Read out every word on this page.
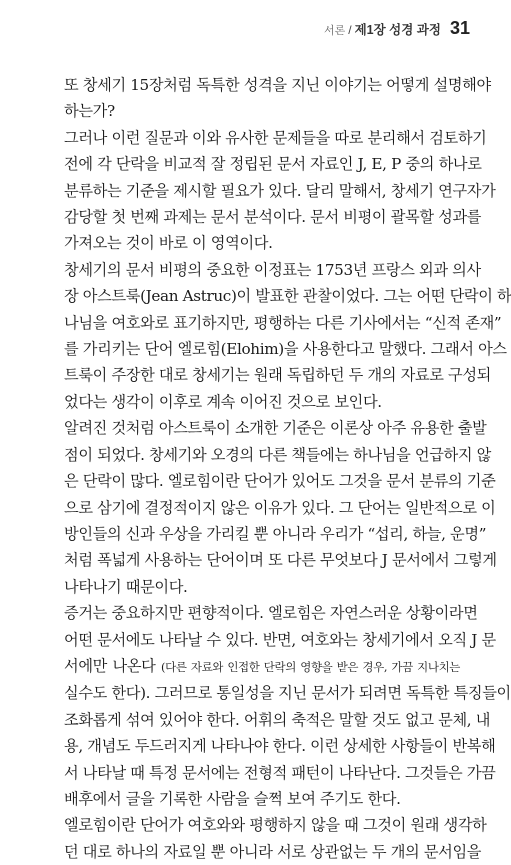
서론 / 제1장 성경 과정 31

또 창세기 15장처럼 독특한 성격을 지닌 이야기는 어떻게 설명해야
하는가?

그러나 이런 질문과 이와 유사한 문제들을 따로 분리해서 검토하기
전에 각 단락을 비교적 잘 정립된 문서 자료인 J, E, P 중의 하나로
분류하는 기준을 제시할 필요가 있다. 달리 말해서, 창세기 연구자가
감당할 첫 번째 과제는 문서 분석이다. 문서 비평이 괄목할 성과를
가져오는 것이 바로 이 영역이다.

창세기의 문서 비평의 중요한 이정표는 1753년 프랑스 외과 의사
장 아스트룩(Jean Astruc)이 발표한 관찰이었다. 그는 어떤 단락이 하
나님을 여호와로 표기하지만, 평행하는 다른 기사에서는 “신적 존재”
를 가리키는 단어 엘로힘(Elohim)을 사용한다고 말했다. 그래서 아스
트룩이 주장한 대로 창세기는 원래 독립하던 두 개의 자료로 구성되
었다는 생각이 이후로 계속 이어진 것으로 보인다.

알려진 것처럼 아스트룩이 소개한 기준은 이론상 아주 유용한 출발
점이 되었다. 창세기와 오경의 다른 책들에는 하나님을 언급하지 않
은 단락이 많다. 엘로힘이란 단어가 있어도 그것을 문서 분류의 기준
으로 삼기에 결정적이지 않은 이유가 있다. 그 단어는 일반적으로 이
방인들의 신과 우상을 가리킬 뿐 아니라 우리가 “섭리, 하늘, 운명”
처럼 폭넓게 사용하는 단어이며 또 다른 무엇보다 J 문서에서 그렇게
나타나기 때문이다.

증거는 중요하지만 편향적이다. 엘로힘은 자연스러운 상황이라면
어떤 문서에도 나타날 수 있다. 반면, 여호와는 창세기에서 오직 J 문
서에만 나온다 (다른 자료와 인접한 단락의 영향을 받은 경우, 가끔 지나치는
실수도 한다). 그러므로 통일성을 지닌 문서가 되려면 독특한 특징들이
조화롭게 섞여 있어야 한다. 어휘의 축적은 말할 것도 없고 문체, 내
용, 개념도 두드러지게 나타나야 한다. 이런 상세한 사항들이 반복해
서 나타날 때 특정 문서에는 전형적 패턴이 나타난다. 그것들은 가끔
배후에서 글을 기록한 사람을 슬쩍 보여 주기도 한다.

엘로힘이란 단어가 여호와와 평행하지 않을 때 그것이 원래 생각하
던 대로 하나의 자료일 뿐 아니라 서로 상관없는 두 개의 문서임을
